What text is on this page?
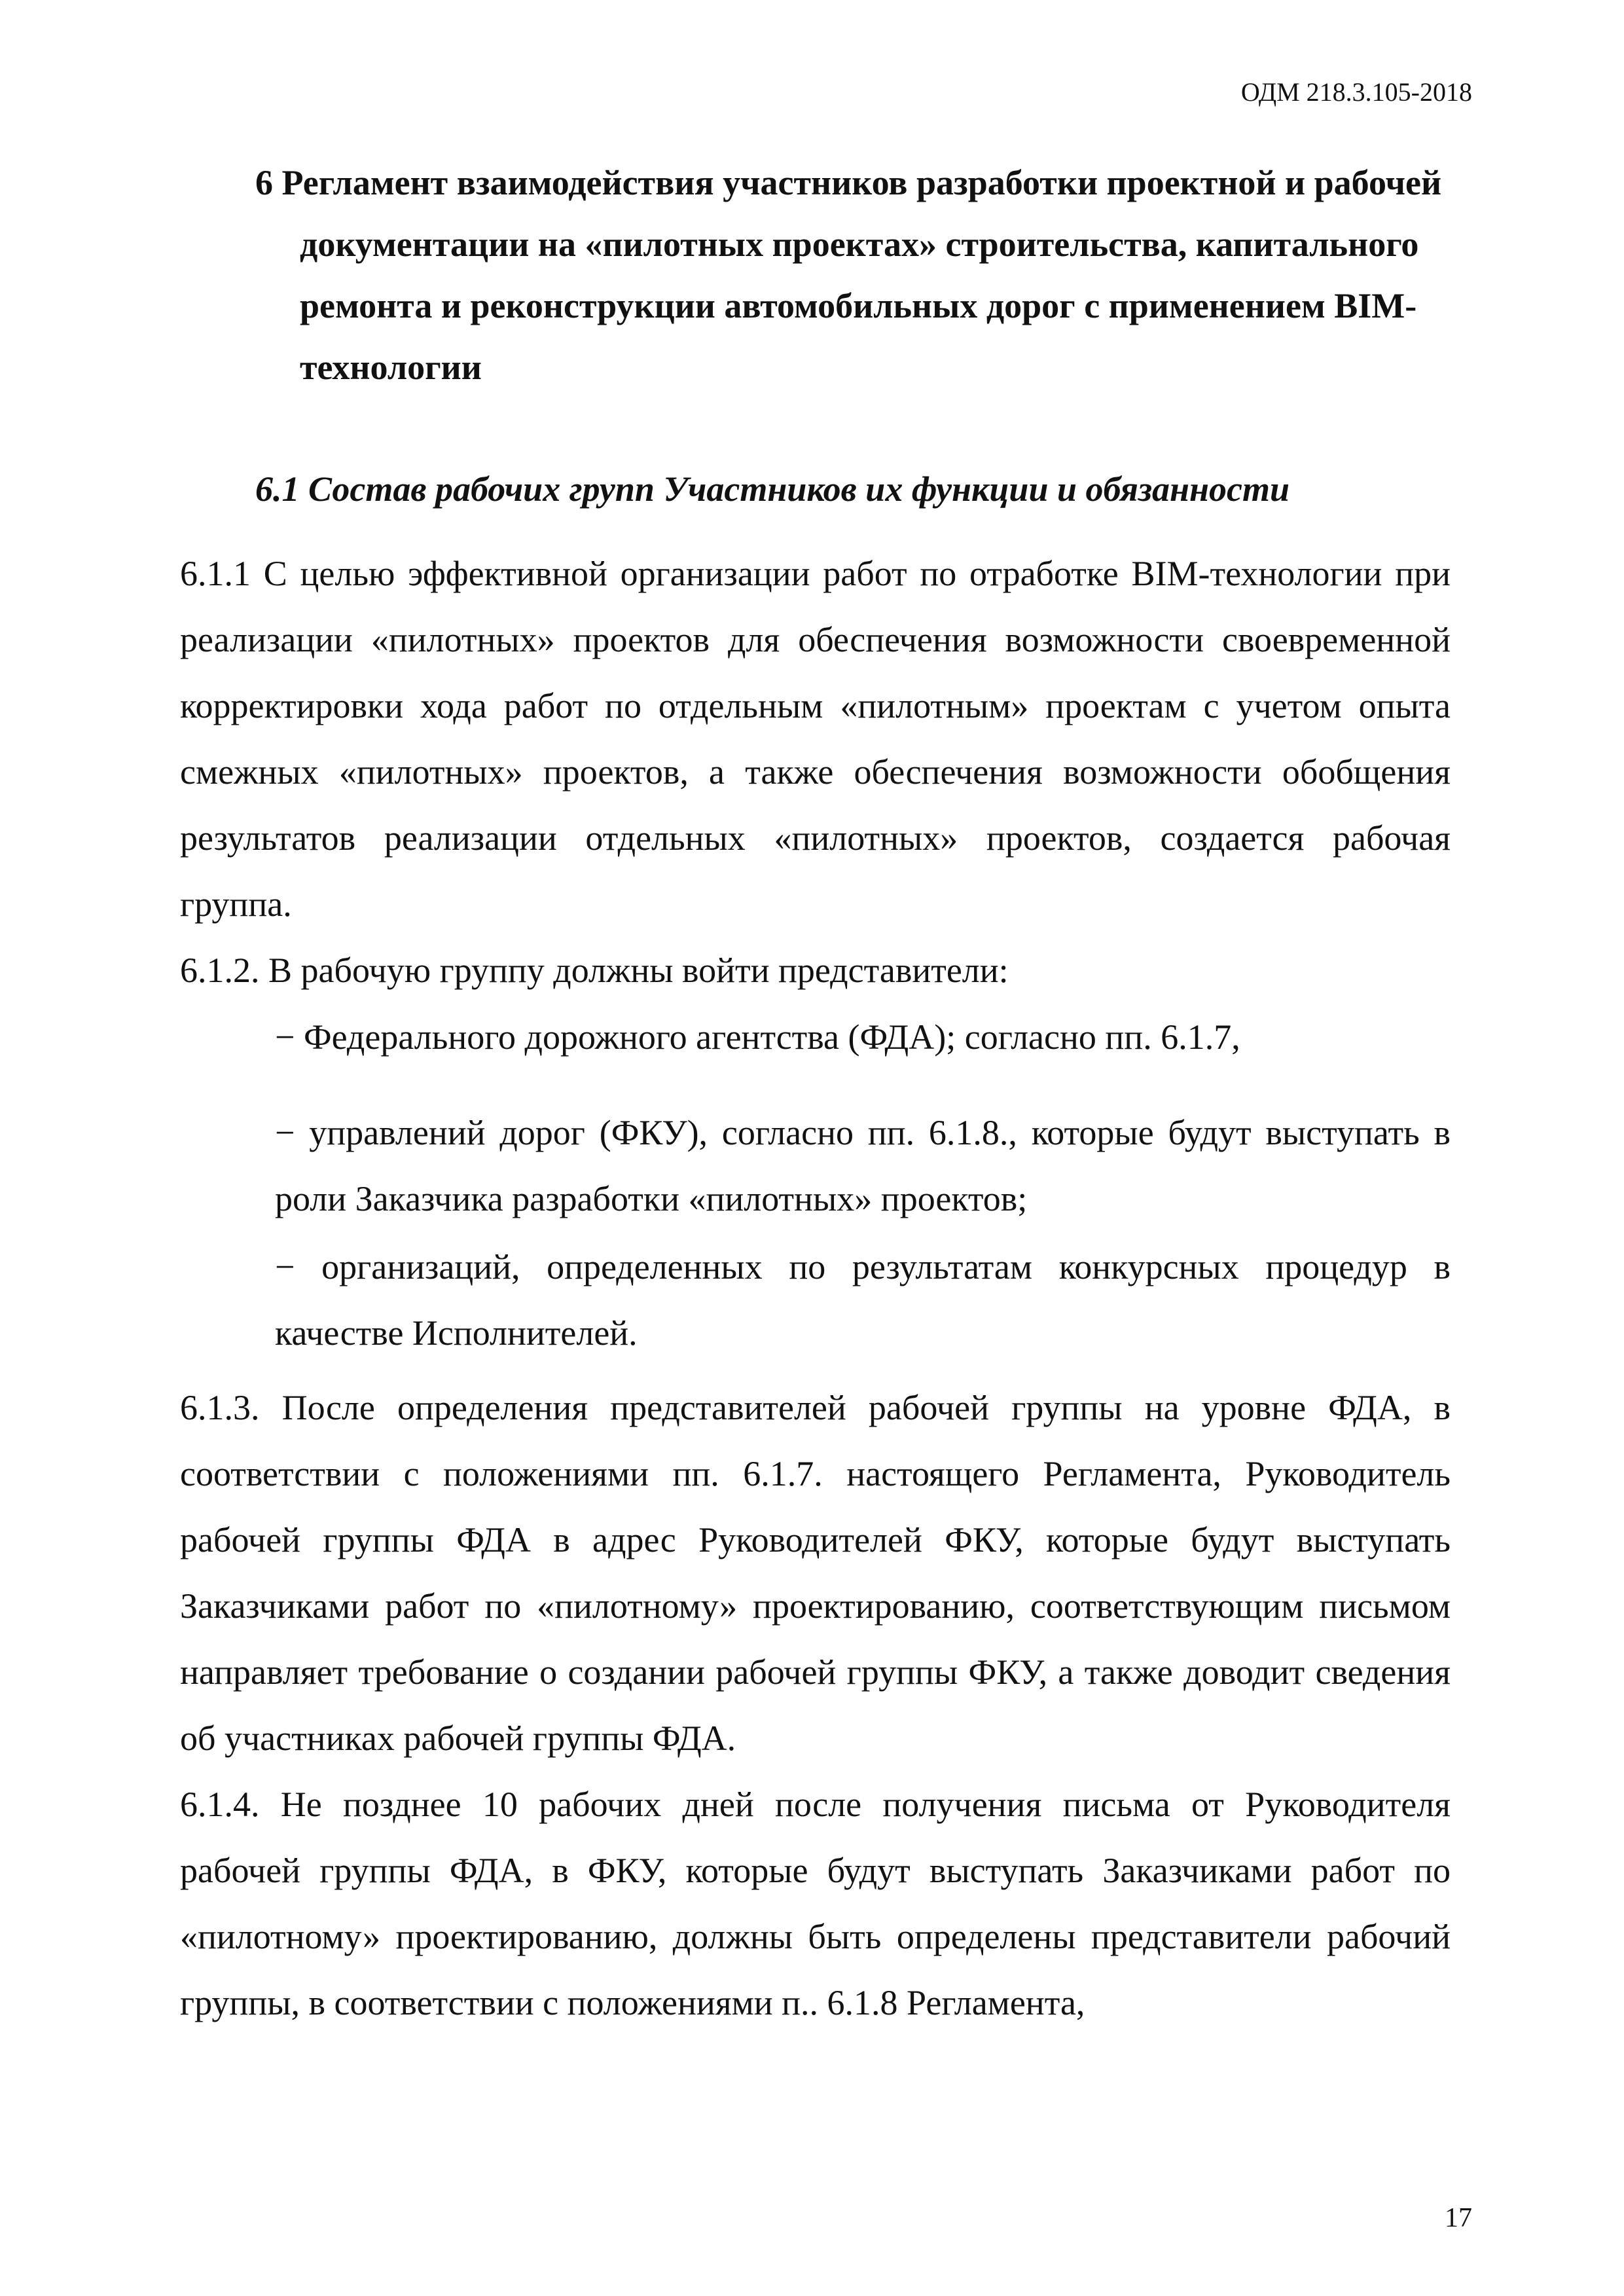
ОДМ 218.3.105-2018
6 Регламент взаимодействия участников разработки проектной и рабочей документации на «пилотных проектах» строительства, капитального ремонта и реконструкции автомобильных дорог с применением BIM-технологии
6.1 Состав рабочих групп Участников их функции и обязанности

6.1.1 С целью эффективной организации работ по отработке BIM-технологии при реализации «пилотных» проектов для обеспечения возможности своевременной корректировки хода работ по отдельным «пилотным» проектам с учетом опыта смежных «пилотных» проектов, а также обеспечения возможности обобщения результатов реализации отдельных «пилотных» проектов, создается рабочая группа.

6.1.2. В рабочую группу должны войти представители:

− Федерального дорожного агентства (ФДА); согласно пп. 6.1.7,

− управлений дорог (ФКУ), согласно пп. 6.1.8., которые будут выступать в роли Заказчика разработки «пилотных» проектов;

− организаций, определенных по результатам конкурсных процедур в качестве Исполнителей.

6.1.3. После определения представителей рабочей группы на уровне ФДА, в соответствии с положениями пп. 6.1.7. настоящего Регламента, Руководитель рабочей группы ФДА в адрес Руководителей ФКУ, которые будут выступать Заказчиками работ по «пилотному» проектированию, соответствующим письмом направляет требование о создании рабочей группы ФКУ, а также доводит сведения об участниках рабочей группы ФДА.

6.1.4. Не позднее 10 рабочих дней после получения письма от Руководителя рабочей группы ФДА, в ФКУ, которые будут выступать Заказчиками работ по «пилотному» проектированию, должны быть определены представители рабочий группы, в соответствии с положениями п.. 6.1.8 Регламента,

17
